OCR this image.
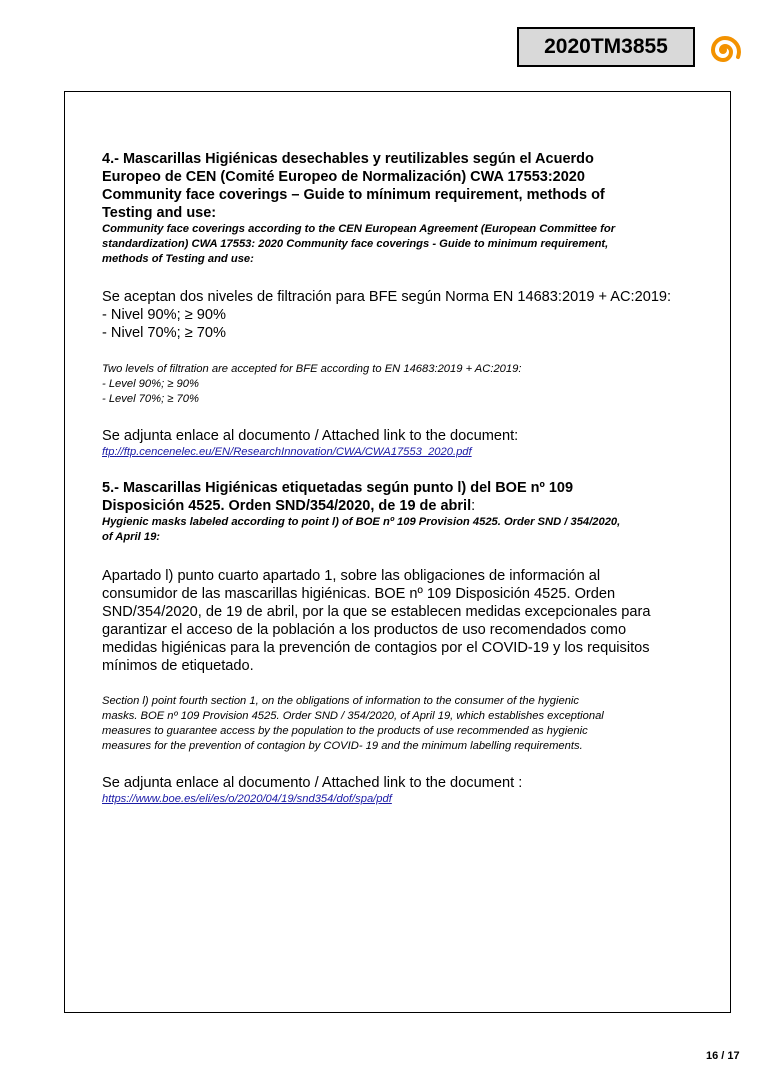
2020TM3855
4.- Mascarillas Higiénicas desechables y reutilizables según el Acuerdo
Europeo de CEN (Comité Europeo de Normalización) CWA 17553:2020
Community face coverings – Guide to mínimum requirement, methods of
Testing and use:
Community face coverings according to the CEN European Agreement (European Committee for
standardization) CWA 17553: 2020 Community face coverings - Guide to minimum requirement,
methods of Testing and use:
Se aceptan dos niveles de filtración para BFE según Norma EN 14683:2019 + AC:2019:
- Nivel 90%; ≥ 90%
- Nivel 70%; ≥ 70%
Two levels of filtration are accepted for BFE according to EN 14683:2019 + AC:2019:
- Level 90%; ≥ 90%
- Level 70%; ≥ 70%

Se adjunta enlace al documento / Attached link to the document:

ftp://ftp.cencenelec.eu/EN/ResearchInnovation/CWA/CWA17553_2020.pdf
5.- Mascarillas Higiénicas etiquetadas según punto l) del BOE nº 109
Disposición 4525. Orden SND/354/2020, de 19 de abril:
Hygienic masks labeled according to point l) of BOE nº 109 Provision 4525. Order SND / 354/2020,
of April 19:
Apartado l) punto cuarto apartado 1, sobre las obligaciones de información al
consumidor de las mascarillas higiénicas. BOE nº 109 Disposición 4525. Orden
SND/354/2020, de 19 de abril, por la que se establecen medidas excepcionales para
garantizar el acceso de la población a los productos de uso recomendados como
medidas higiénicas para la prevención de contagios por el COVID-19 y los requisitos
mínimos de etiquetado.
Section l) point fourth section 1, on the obligations of information to the consumer of the hygienic
masks. BOE nº 109 Provision 4525. Order SND / 354/2020, of April 19, which establishes exceptional
measures to guarantee access by the population to the products of use recommended as hygienic
measures for the prevention of contagion by COVID- 19 and the minimum labelling requirements.

Se adjunta enlace al documento / Attached link to the document :

https://www.boe.es/eli/es/o/2020/04/19/snd354/dof/spa/pdf
16 / 17
